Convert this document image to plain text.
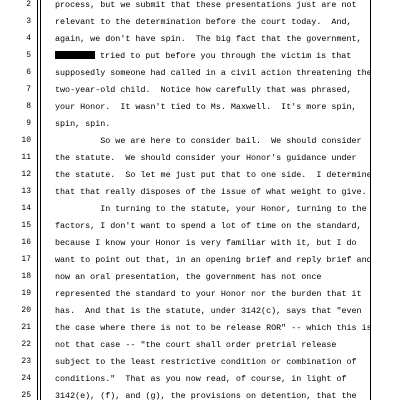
2	process, but we submit that these presentations just are not
3	relevant to the determination before the court today.  And,
4	again, we don't have spin.  The big fact that the government,
5	tried to put before you through the victim is that
6	supposedly someone had called in a civil action threatening the
7	two-year-old child.  Notice how carefully that was phrased,
8	your Honor.  It wasn't tied to Ms. Maxwell.  It's more spin,
9	spin, spin.
10	So we are here to consider bail.  We should consider
11	the statute.  We should consider your Honor's guidance under
12	the statute.  So let me just put that to one side.  I determine
13	that that really disposes of the issue of what weight to give.
14	In turning to the statute, your Honor, turning to the
15	factors, I don't want to spend a lot of time on the standard,
16	because I know your Honor is very familiar with it, but I do
17	want to point out that, in an opening brief and reply brief and
18	now an oral presentation, the government has not once
19	represented the standard to your Honor nor the burden that it
20	has.  And that is the statute, under 3142(c), says that "even
21	the case where there is not to be release ROR" -- which this is
22	not that case -- "the court shall order pretrial release
23	subject to the least restrictive condition or combination of
24	conditions."  That as you now read, of course, in light of
25	3142(e), (f), and (g), the provisions on detention, that the
